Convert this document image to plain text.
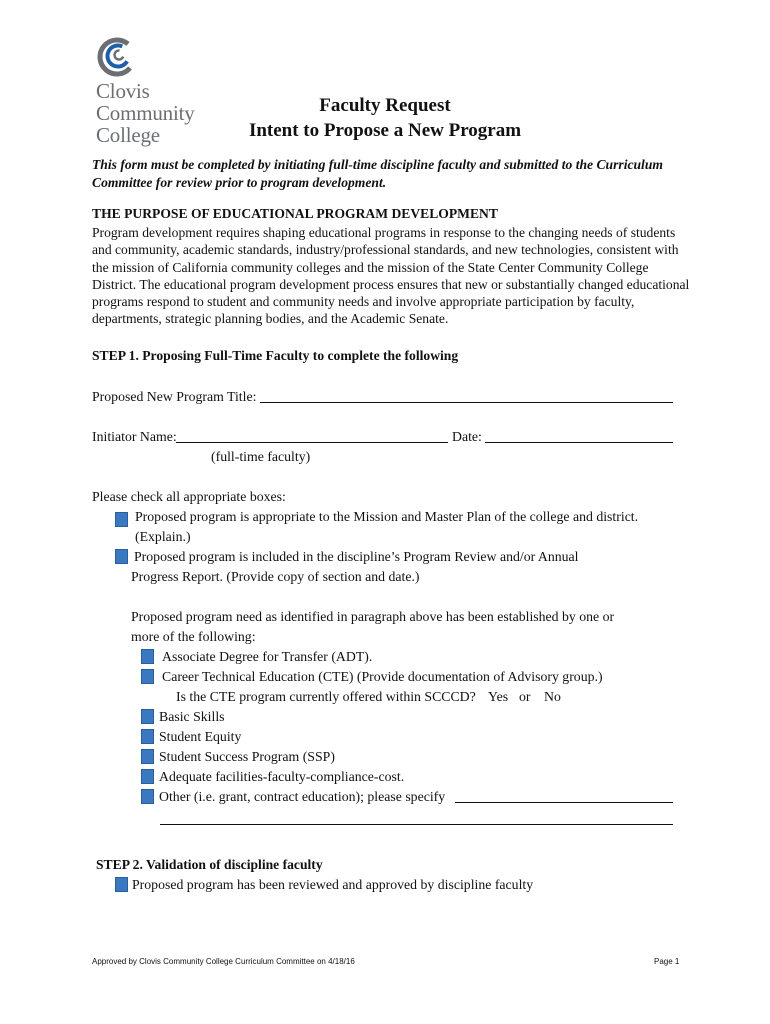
Clovis
Community
College
Faculty Request
Intent to Propose a New Program
This form must be completed by initiating full-time discipline faculty and submitted to the Curriculum Committee for review prior to program development.
THE PURPOSE OF EDUCATIONAL PROGRAM DEVELOPMENT
Program development requires shaping educational programs in response to the changing needs of students and community, academic standards, industry/professional standards, and new technologies, consistent with the mission of California community colleges and the mission of the State Center Community College District. The educational program development process ensures that new or substantially changed educational programs respond to student and community needs and involve appropriate participation by faculty, departments, strategic planning bodies, and the Academic Senate.
STEP 1. Proposing Full-Time Faculty to complete the following
Proposed New Program Title:
Initiator Name:	Date:
(full-time faculty)
Please check all appropriate boxes:
Proposed program is appropriate to the Mission and Master Plan of the college and district.
(Explain.)
Proposed program is included in the discipline’s Program Review and/or Annual
Progress Report. (Provide copy of section and date.)
Proposed program need as identified in paragraph above has been established by one or
more of the following:
Associate Degree for Transfer (ADT).
Career Technical Education (CTE) (Provide documentation of Advisory group.)
Is the CTE program currently offered within SCCCD? Yes or No
Basic Skills
Student Equity
Student Success Program (SSP)
Adequate facilities-faculty-compliance-cost.
Other (i.e. grant, contract education); please specify
STEP 2. Validation of discipline faculty
Proposed program has been reviewed and approved by discipline faculty
Approved by Clovis Community College Curriculum Committee on 4/18/16	Page 1
